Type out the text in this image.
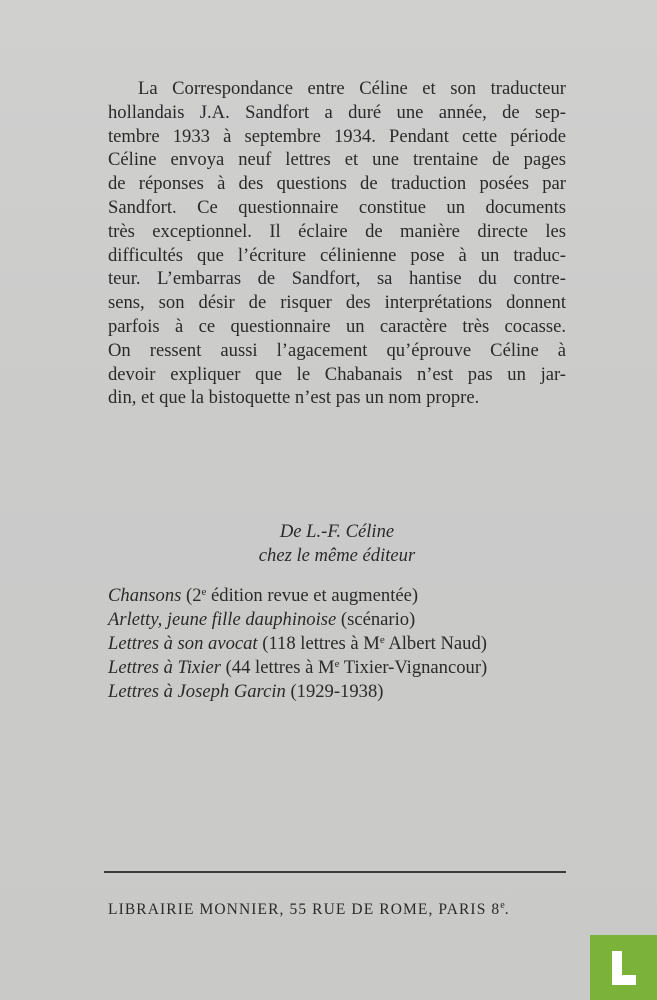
La Correspondance entre Céline et son traducteur
hollandais J.A. Sandfort a duré une année, de sep-
tembre 1933 à septembre 1934. Pendant cette période
Céline envoya neuf lettres et une trentaine de pages
de réponses à des questions de traduction posées par
Sandfort. Ce questionnaire constitue un documents
très exceptionnel. Il éclaire de manière directe les
difficultés que l’écriture célinienne pose à un traduc-
teur. L’embarras de Sandfort, sa hantise du contre-
sens, son désir de risquer des interprétations donnent
parfois à ce questionnaire un caractère très cocasse.
On ressent aussi l’agacement qu’éprouve Céline à
devoir expliquer que le Chabanais n’est pas un jar-
din, et que la bistoquette n’est pas un nom propre.
De L.-F. Céline
chez le même éditeur
Chansons (2e édition revue et augmentée)
Arletty, jeune fille dauphinoise (scénario)
Lettres à son avocat (118 lettres à Me Albert Naud)
Lettres à Tixier (44 lettres à Me Tixier-Vignancour)
Lettres à Joseph Garcin (1929-1938)
LIBRAIRIE MONNIER, 55 RUE DE ROME, PARIS 8e.
